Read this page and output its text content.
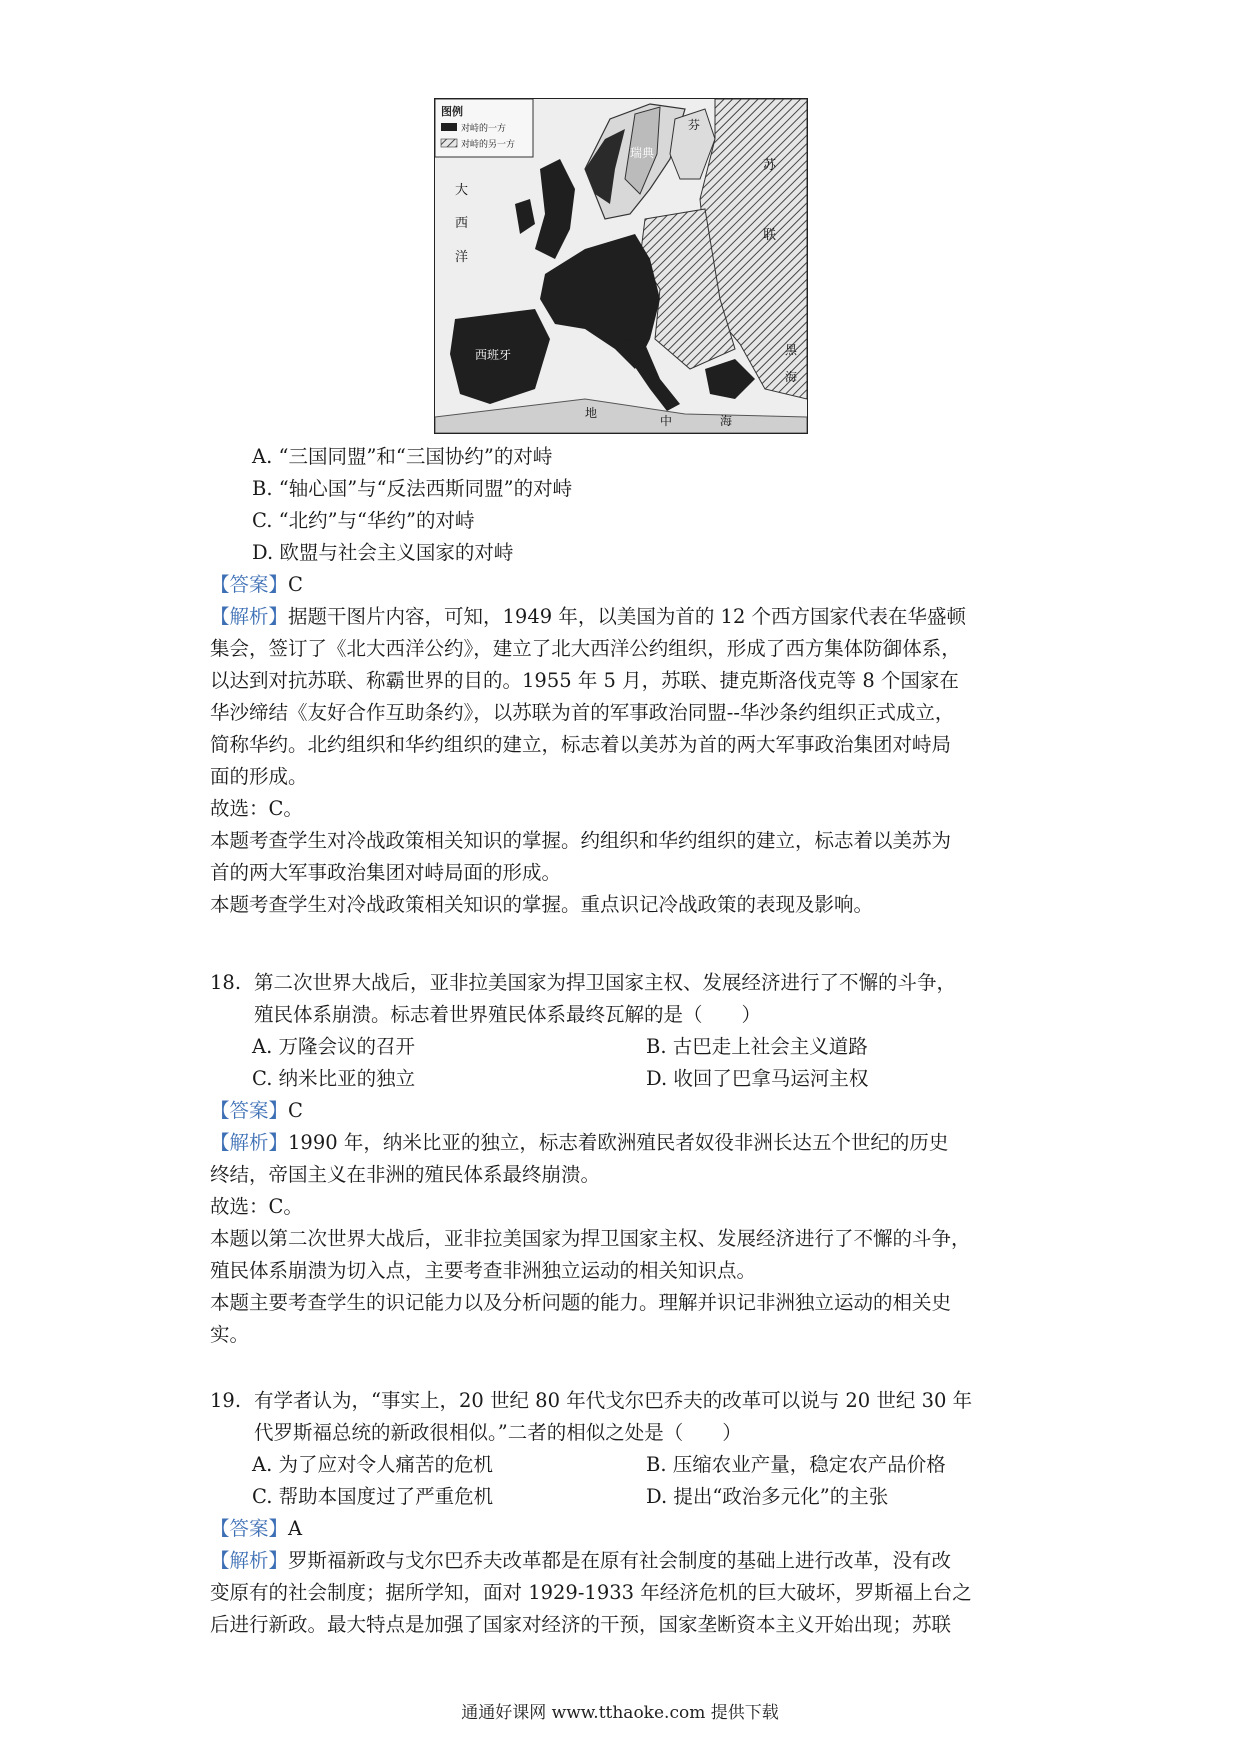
图例
对峙的一方
对峙的另一方
大
西
洋
瑞典
芬
苏
联
黑
海
地
中	海
西班牙
A. “三国同盟”和“三国协约”的对峙
B. “轴心国”与“反法西斯同盟”的对峙
C. “北约”与“华约”的对峙
D. 欧盟与社会主义国家的对峙
【答案】C
【解析】据题干图片内容，可知，1949 年，以美国为首的 12 个西方国家代表在华盛顿
集会，签订了《北大西洋公约》，建立了北大西洋公约组织，形成了西方集体防御体系，
以达到对抗苏联、称霸世界的目的。1955 年 5 月，苏联、捷克斯洛伐克等 8 个国家在
华沙缔结《友好合作互助条约》，以苏联为首的军事政治同盟--华沙条约组织正式成立，
简称华约。北约组织和华约组织的建立，标志着以美苏为首的两大军事政治集团对峙局
面的形成。
故选：C。
本题考查学生对冷战政策相关知识的掌握。约组织和华约组织的建立，标志着以美苏为
首的两大军事政治集团对峙局面的形成。
本题考查学生对冷战政策相关知识的掌握。重点识记冷战政策的表现及影响。
18. 第二次世界大战后，亚非拉美国家为捍卫国家主权、发展经济进行了不懈的斗争，
殖民体系崩溃。标志着世界殖民体系最终瓦解的是（　　）
A. 万隆会议的召开	B. 古巴走上社会主义道路
C. 纳米比亚的独立	D. 收回了巴拿马运河主权
【答案】C
【解析】1990 年，纳米比亚的独立，标志着欧洲殖民者奴役非洲长达五个世纪的历史
终结，帝国主义在非洲的殖民体系最终崩溃。
故选：C。
本题以第二次世界大战后，亚非拉美国家为捍卫国家主权、发展经济进行了不懈的斗争，
殖民体系崩溃为切入点，主要考查非洲独立运动的相关知识点。
本题主要考查学生的识记能力以及分析问题的能力。理解并识记非洲独立运动的相关史
实。
19. 有学者认为，“事实上，20 世纪 80 年代戈尔巴乔夫的改革可以说与 20 世纪 30 年
代罗斯福总统的新政很相似。”二者的相似之处是（　　）
A. 为了应对令人痛苦的危机	B. 压缩农业产量，稳定农产品价格
C. 帮助本国度过了严重危机	D. 提出“政治多元化”的主张
【答案】A
【解析】罗斯福新政与戈尔巴乔夫改革都是在原有社会制度的基础上进行改革，没有改
变原有的社会制度；据所学知，面对 1929-1933 年经济危机的巨大破坏，罗斯福上台之
后进行新政。最大特点是加强了国家对经济的干预，国家垄断资本主义开始出现；苏联
通通好课网 www.tthaoke.com 提供下载
